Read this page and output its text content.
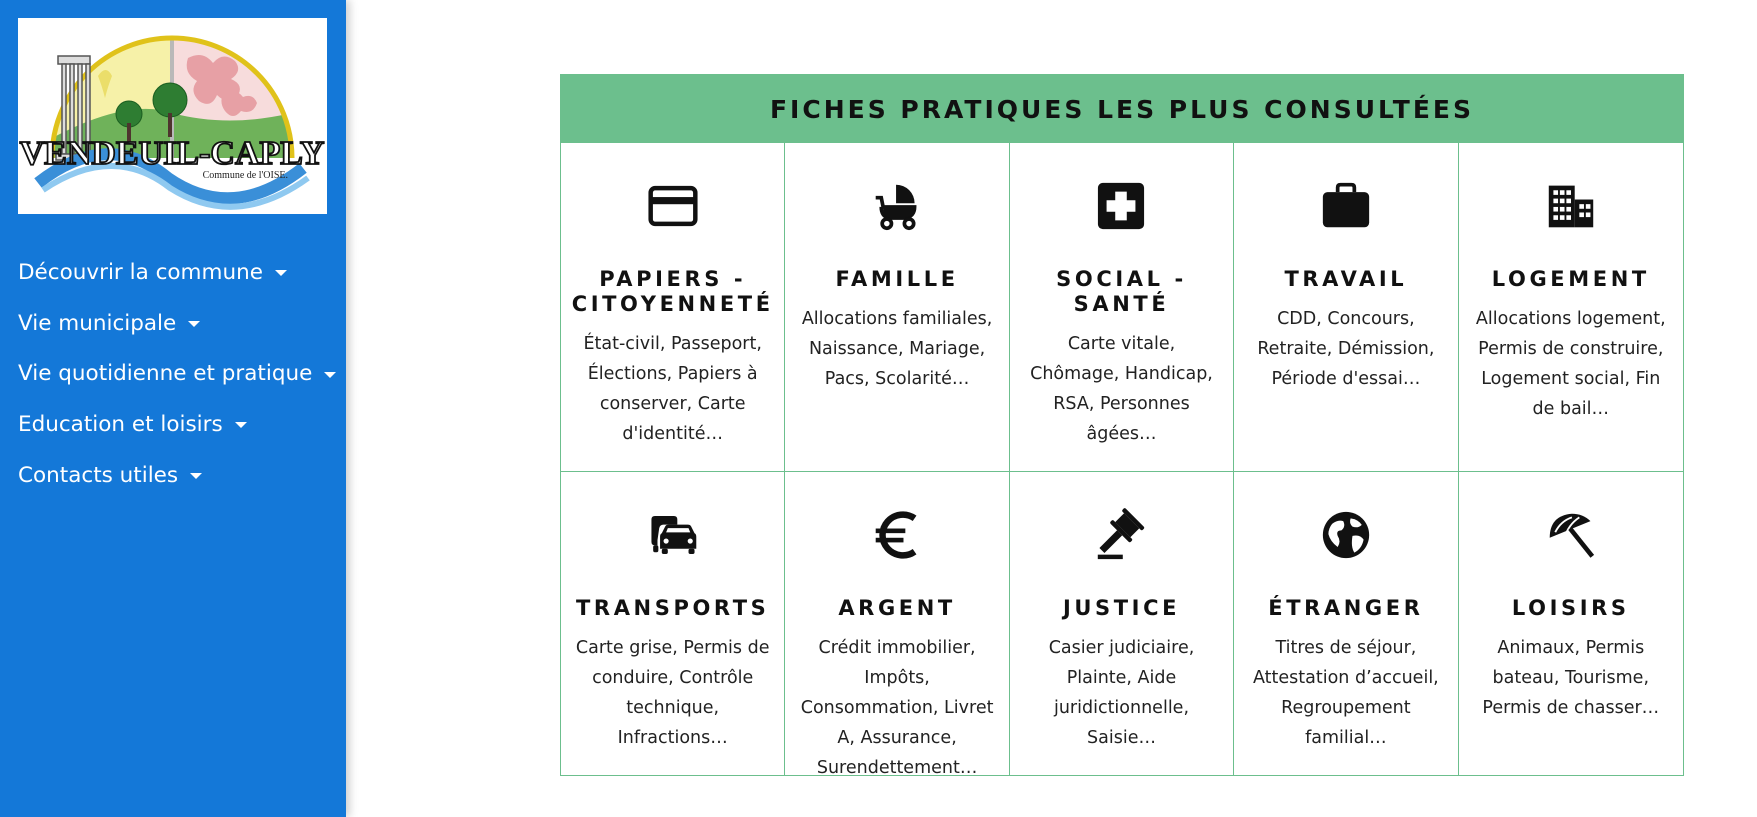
VENDEUIL-CAPLY
Commune de l'OISE.
Découvrir la commune
Vie municipale
Vie quotidienne et pratique
Education et loisirs
Contacts utiles
FICHES PRATIQUES LES PLUS CONSULTÉES
PAPIERS - CITOYENNETÉ
État-civil, Passeport, Élections, Papiers à conserver, Carte d'identité…
FAMILLE
Allocations familiales, Naissance, Mariage, Pacs, Scolarité…
SOCIAL - SANTÉ
Carte vitale, Chômage, Handicap, RSA, Personnes âgées…
TRAVAIL
CDD, Concours, Retraite, Démission, Période d'essai…
LOGEMENT
Allocations logement, Permis de construire, Logement social, Fin de bail…
TRANSPORTS
Carte grise, Permis de conduire, Contrôle technique, Infractions…
ARGENT
Crédit immobilier, Impôts, Consommation, Livret A, Assurance, Surendettement…
JUSTICE
Casier judiciaire, Plainte, Aide juridictionnelle, Saisie…
ÉTRANGER
Titres de séjour, Attestation d’accueil, Regroupement familial…
LOISIRS
Animaux, Permis bateau, Tourisme, Permis de chasser…
